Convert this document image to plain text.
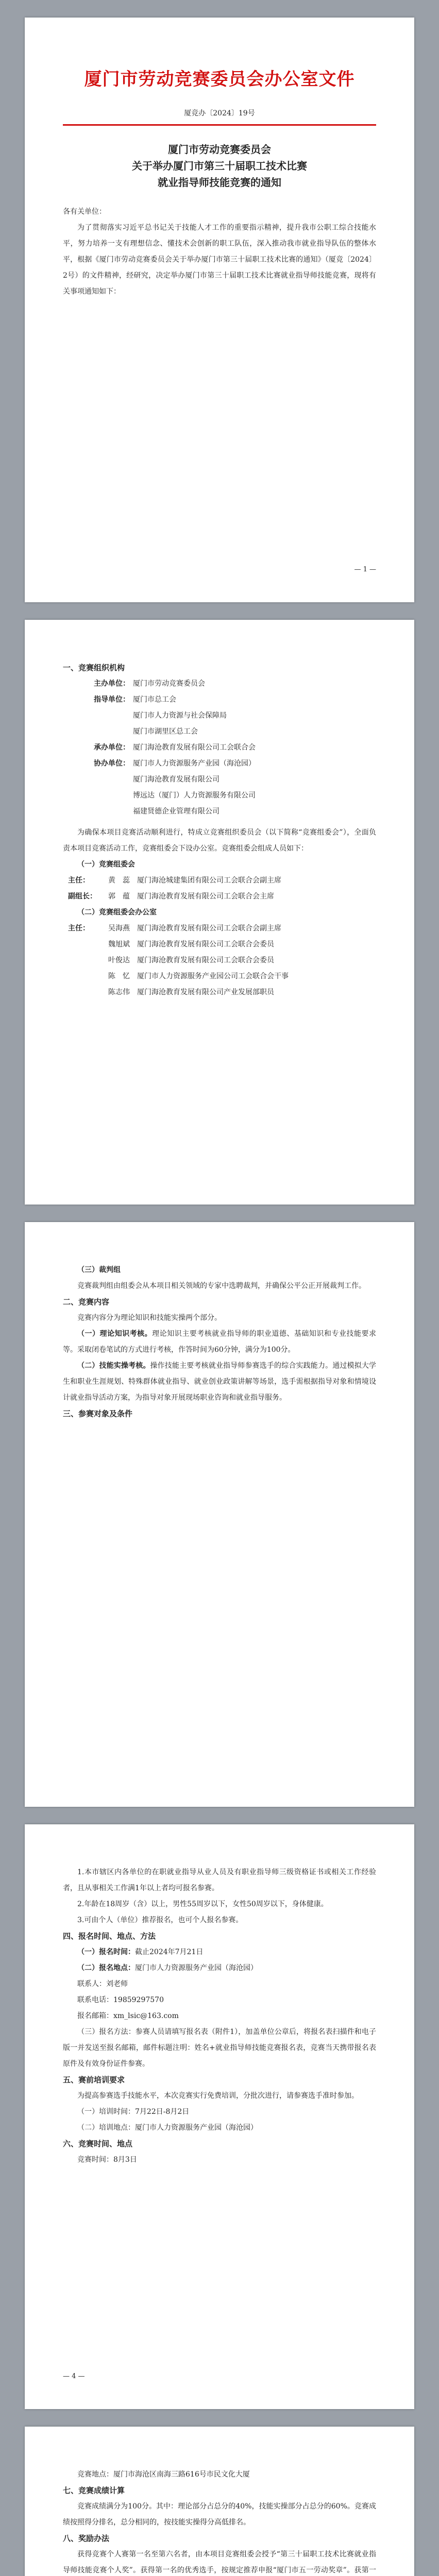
厦门市劳动竞赛委员会办公室文件
厦竞办〔2024〕19号
厦门市劳动竞赛委员会
关于举办厦门市第三十届职工技术比赛
就业指导师技能竞赛的通知
各有关单位：

为了贯彻落实习近平总书记关于技能人才工作的重要指示精神，提升我市公职工综合技能水平，努力培养一支有理想信念、懂技术会创新的职工队伍，深入推动我市就业指导队伍的整体水平，根据《厦门市劳动竞赛委员会关于举办厦门市第三十届职工技术比赛的通知》（厦竞〔2024〕2号）的文件精神，经研究，决定举办厦门市第三十届职工技术比赛就业指导师技能竞赛，现将有关事项通知如下：

— 1 —

一、竞赛组织机构

主办单位： 厦门市劳动竞赛委员会
指导单位： 厦门市总工会
厦门市人力资源与社会保障局
厦门市湖里区总工会
承办单位： 厦门海沧教育发展有限公司工会联合会
协办单位： 厦门市人力资源服务产业园（海沧园）
厦门海沧教育发展有限公司
博远达（厦门）人力资源服务有限公司
福建贤德企业管理有限公司

为确保本项目竞赛活动顺利进行，特成立竞赛组织委员会（以下简称“竞赛组委会”），全面负责本项目竞赛活动工作，竞赛组委会下设办公室。竞赛组委会组成人员如下：

（一）竞赛组委会

主任：	黄　蕊　厦门海沧城建集团有限公司工会联合会副主席
副组长：	郭　蕴　厦门海沧教育发展有限公司工会联合会主席

（二）竞赛组委会办公室

主任：	吴海燕　厦门海沧教育发展有限公司工会联合会副主席
魏旭斌　厦门海沧教育发展有限公司工会联合会委员
叶俊达　厦门海沧教育发展有限公司工会联合会委员
陈　忆　厦门市人力资源服务产业园公司工会联合会干事
陈志伟　厦门海沧教育发展有限公司产业发展部职员

（三）裁判组

竞赛裁判组由组委会从本项目相关领域的专家中选聘裁判，并确保公平公正开展裁判工作。

二、竞赛内容

竞赛内容分为理论知识和技能实操两个部分。

（一）理论知识考核。理论知识主要考核就业指导师的职业道德、基础知识和专业技能要求等。采取闭卷笔试的方式进行考核，作答时间为60分钟，满分为100分。

（二）技能实操考核。操作技能主要考核就业指导师参赛选手的综合实践能力。通过模拟大学生和职业生涯规划、特殊群体就业指导、就业创业政策讲解等场景，选手需根据指导对象和情境设计就业指导活动方案，为指导对象开展现场职业咨询和就业指导服务。

三、参赛对象及条件

1.本市辖区内各单位的在职就业指导从业人员及有职业指导师三级资格证书或相关工作经验者，且从事相关工作满1年以上者均可报名参赛。

2.年龄在18周岁（含）以上，男性55周岁以下，女性50周岁以下，身体健康。

3.可由个人（单位）推荐报名，也可个人报名参赛。

四、报名时间、地点、方法

（一）报名时间：截止2024年7月21日

（二）报名地点：厦门市人力资源服务产业园（海沧园）

联系人：刘老师

联系电话：19859297570

报名邮箱：xm_lsic@163.com

（三）报名方法：参赛人员请填写报名表（附件1），加盖单位公章后，将报名表扫描件和电子版一并发送至报名邮箱，邮件标题注明：姓名+就业指导师技能竞赛报名表，竞赛当天携带报名表原件及有效身份证件参赛。

五、赛前培训要求

为提高参赛选手技能水平，本次竞赛实行免费培训，分批次进行，请参赛选手准时参加。

（一）培训时间：7月22日-8月2日

（二）培训地点：厦门市人力资源服务产业园（海沧园）

六、竞赛时间、地点

竞赛时间：8月3日

— 4 —

竞赛地点：厦门市海沧区南海三路616号市民文化大厦

七、竞赛成绩计算

竞赛成绩满分为100分。其中：理论部分占总分的40%，技能实操部分占总分的60%。竞赛成绩按照得分排名，总分相同的，按技能实操得分高低排名。

八、奖励办法

获得竞赛个人赛第一名至第六名者，由本项目竞赛组委会授予“第三十届职工技术比赛就业指导师技能竞赛个人奖”。获得第一名的优秀选手，按规定推荐申报“厦门市五一劳动奖章”。获第一
